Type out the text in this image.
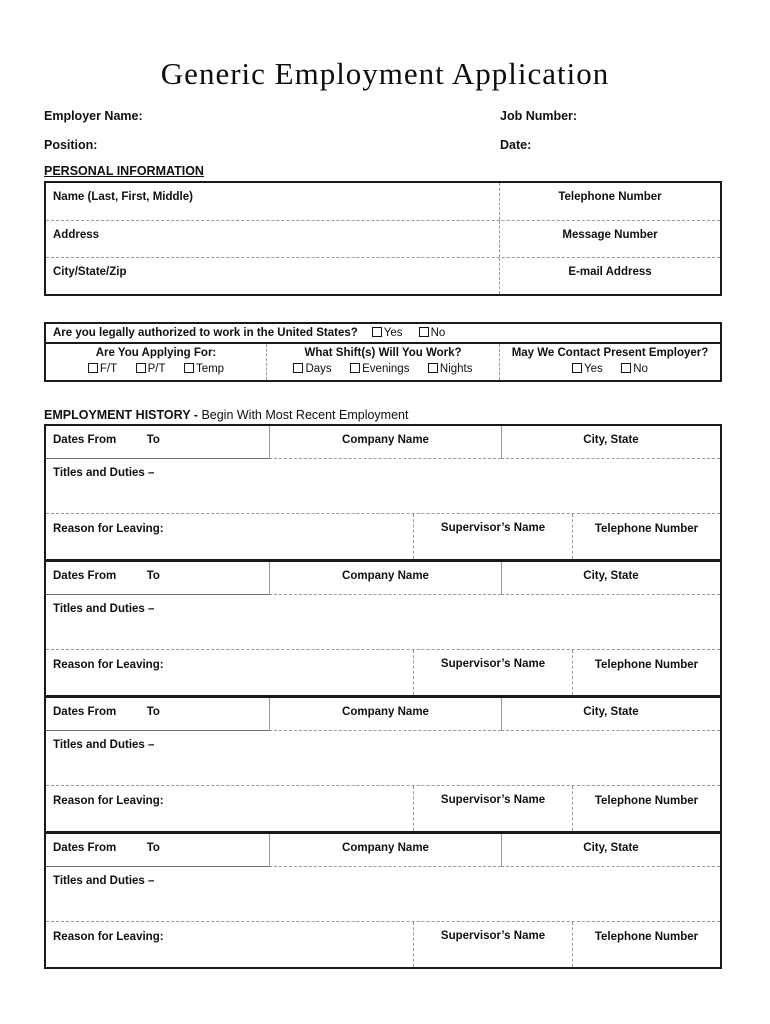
Generic Employment Application
Employer Name:	Job Number:
Position:	Date:
PERSONAL INFORMATION
Name (Last, First, Middle)	Telephone Number
Address	Message Number
City/State/Zip	E-mail Address
Are you legally authorized to work in the United States?	Yes	No
Are You Applying For:
F/T	P/T	Temp
What Shift(s) Will You Work?
Days	Evenings	Nights
May We Contact Present Employer?
Yes	No
EMPLOYMENT HISTORY - Begin With Most Recent Employment
Dates From	To	Company Name	City, State
Titles and Duties –
Reason for Leaving:	Supervisor’s Name	Telephone Number
Dates From	To	Company Name	City, State
Titles and Duties –
Reason for Leaving:	Supervisor’s Name	Telephone Number
Dates From	To	Company Name	City, State
Titles and Duties –
Reason for Leaving:	Supervisor’s Name	Telephone Number
Dates From	To	Company Name	City, State
Titles and Duties –
Reason for Leaving:	Supervisor’s Name	Telephone Number
